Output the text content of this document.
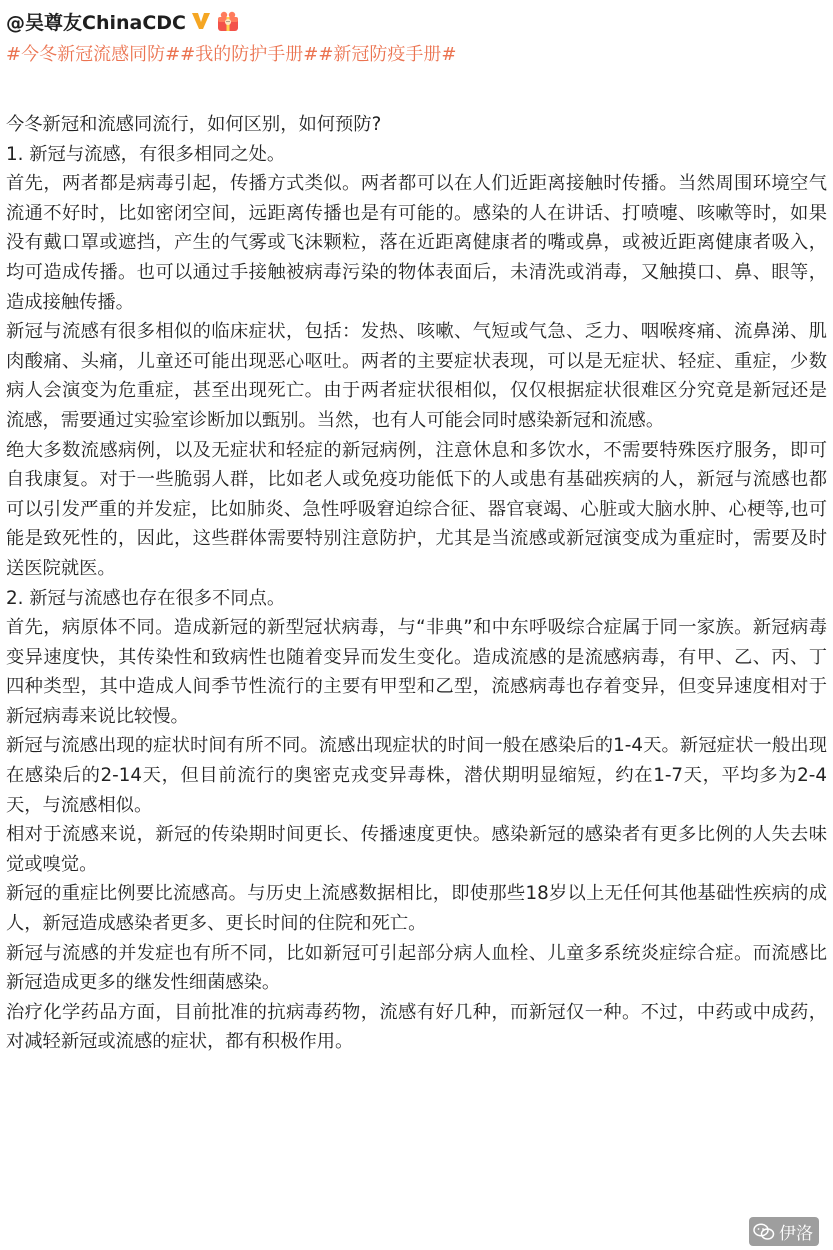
@吴尊友ChinaCDC
#今冬新冠流感同防##我的防护手册##新冠防疫手册#

今冬新冠和流感同流行，如何区别，如何预防?

1. 新冠与流感，有很多相同之处。

首先，两者都是病毒引起，传播方式类似。两者都可以在人们近距离接触时传播。当然周围环境空气流通不好时，比如密闭空间，远距离传播也是有可能的。感染的人在讲话、打喷嚏、咳嗽等时，如果没有戴口罩或遮挡，产生的气雾或飞沫颗粒，落在近距离健康者的嘴或鼻，或被近距离健康者吸入，均可造成传播。也可以通过手接触被病毒污染的物体表面后，未清洗或消毒，又触摸口、鼻、眼等，造成接触传播。

新冠与流感有很多相似的临床症状，包括：发热、咳嗽、气短或气急、乏力、咽喉疼痛、流鼻涕、肌肉酸痛、头痛，儿童还可能出现恶心呕吐。两者的主要症状表现，可以是无症状、轻症、重症，少数病人会演变为危重症，甚至出现死亡。由于两者症状很相似，仅仅根据症状很难区分究竟是新冠还是流感，需要通过实验室诊断加以甄别。当然，也有人可能会同时感染新冠和流感。

绝大多数流感病例，以及无症状和轻症的新冠病例，注意休息和多饮水，不需要特殊医疗服务，即可自我康复。对于一些脆弱人群，比如老人或免疫功能低下的人或患有基础疾病的人，新冠与流感也都可以引发严重的并发症，比如肺炎、急性呼吸窘迫综合征、器官衰竭、心脏或大脑水肿、心梗等,也可能是致死性的，因此，这些群体需要特别注意防护，尤其是当流感或新冠演变成为重症时，需要及时送医院就医。

2. 新冠与流感也存在很多不同点。

首先，病原体不同。造成新冠的新型冠状病毒，与“非典”和中东呼吸综合症属于同一家族。新冠病毒变异速度快，其传染性和致病性也随着变异而发生变化。造成流感的是流感病毒，有甲、乙、丙、丁四种类型，其中造成人间季节性流行的主要有甲型和乙型，流感病毒也存着变异，但变异速度相对于新冠病毒来说比较慢。

新冠与流感出现的症状时间有所不同。流感出现症状的时间一般在感染后的1-4天。新冠症状一般出现在感染后的2-14天，但目前流行的奥密克戎变异毒株，潜伏期明显缩短，约在1-7天，平均多为2-4天，与流感相似。

相对于流感来说，新冠的传染期时间更长、传播速度更快。感染新冠的感染者有更多比例的人失去味觉或嗅觉。

新冠的重症比例要比流感高。与历史上流感数据相比，即使那些18岁以上无任何其他基础性疾病的成人，新冠造成感染者更多、更长时间的住院和死亡。

新冠与流感的并发症也有所不同，比如新冠可引起部分病人血栓、儿童多系统炎症综合症。而流感比新冠造成更多的继发性细菌感染。

治疗化学药品方面，目前批准的抗病毒药物，流感有好几种，而新冠仅一种。不过，中药或中成药，对减轻新冠或流感的症状，都有积极作用。

伊洛
